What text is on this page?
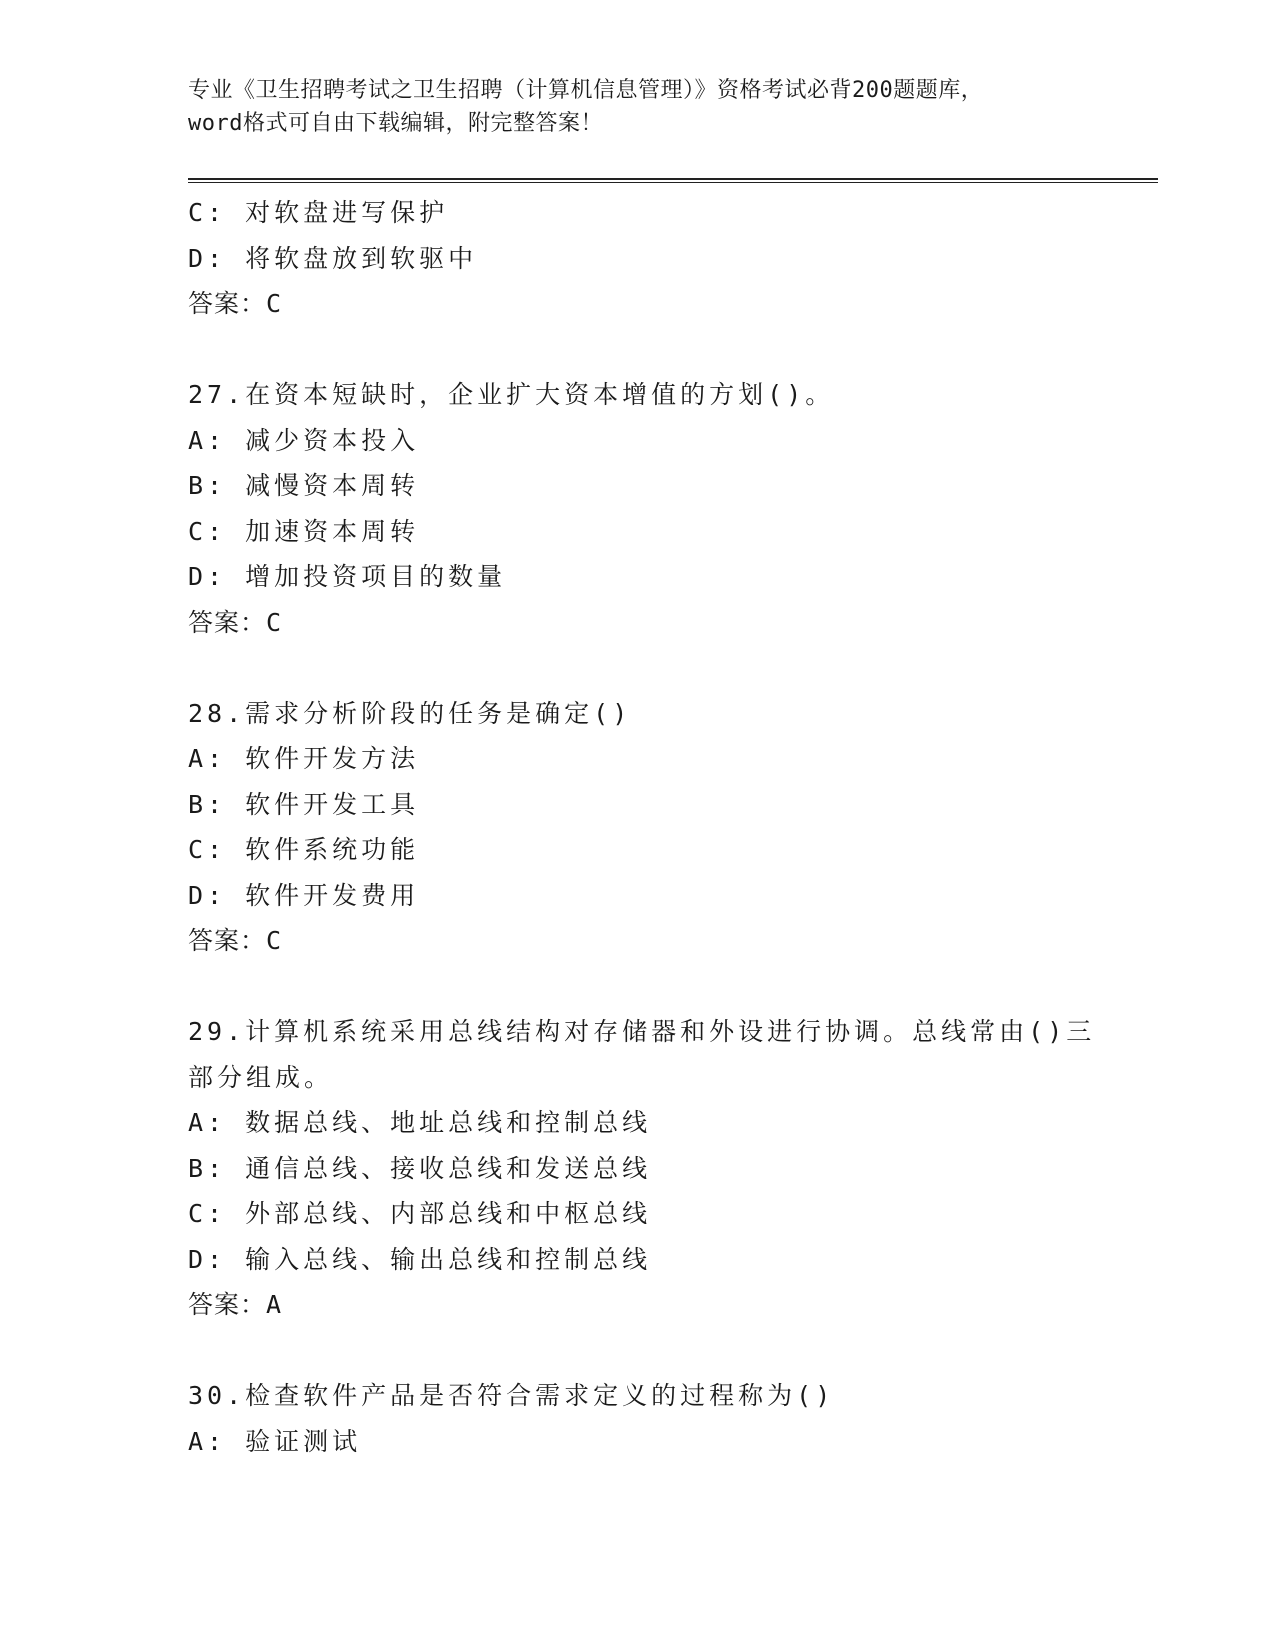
专业《卫生招聘考试之卫生招聘（计算机信息管理）》资格考试必背200题题库，
word格式可自由下载编辑，附完整答案！
C: 对软盘进写保护
D: 将软盘放到软驱中
答案：C
27.在资本短缺时，企业扩大资本增值的方划()。
A: 减少资本投入
B: 减慢资本周转
C: 加速资本周转
D: 增加投资项目的数量
答案：C
28.需求分析阶段的任务是确定()
A: 软件开发方法
B: 软件开发工具
C: 软件系统功能
D: 软件开发费用
答案：C
29.计算机系统采用总线结构对存储器和外设进行协调。总线常由()三
部分组成。
A: 数据总线、地址总线和控制总线
B: 通信总线、接收总线和发送总线
C: 外部总线、内部总线和中枢总线
D: 输入总线、输出总线和控制总线
答案：A
30.检查软件产品是否符合需求定义的过程称为()
A: 验证测试
